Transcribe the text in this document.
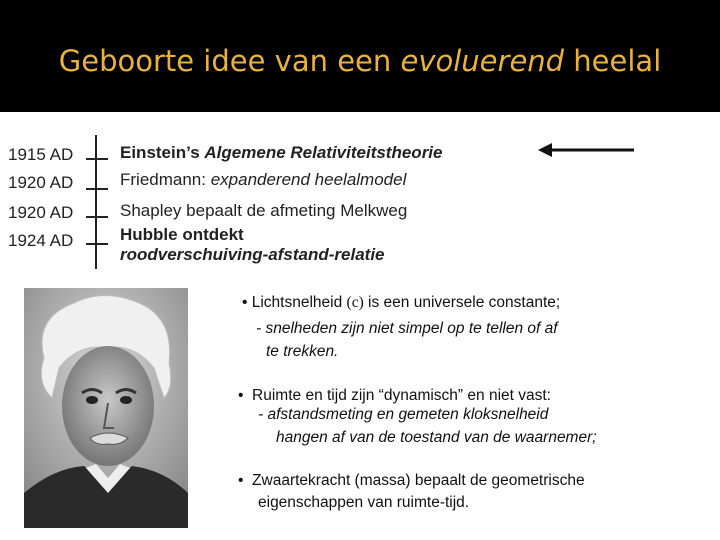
Geboorte idee van een evoluerend heelal
1915 AD
1920 AD
1920 AD
1924 AD
Einstein’s Algemene Relativiteitstheorie
Friedmann: expanderend heelalmodel
Shapley bepaalt de afmeting Melkweg
Hubble ontdekt
roodverschuiving-afstand-relatie
• Lichtsnelheid (c) is een universele constante;
- snelheden zijn niet simpel op te tellen of af
te trekken.
•  Ruimte en tijd zijn “dynamisch” en niet vast:
- afstandsmeting en gemeten kloksnelheid
hangen af van de toestand van de waarnemer;
•  Zwaartekracht (massa) bepaalt de geometrische
eigenschappen van ruimte-tijd.
